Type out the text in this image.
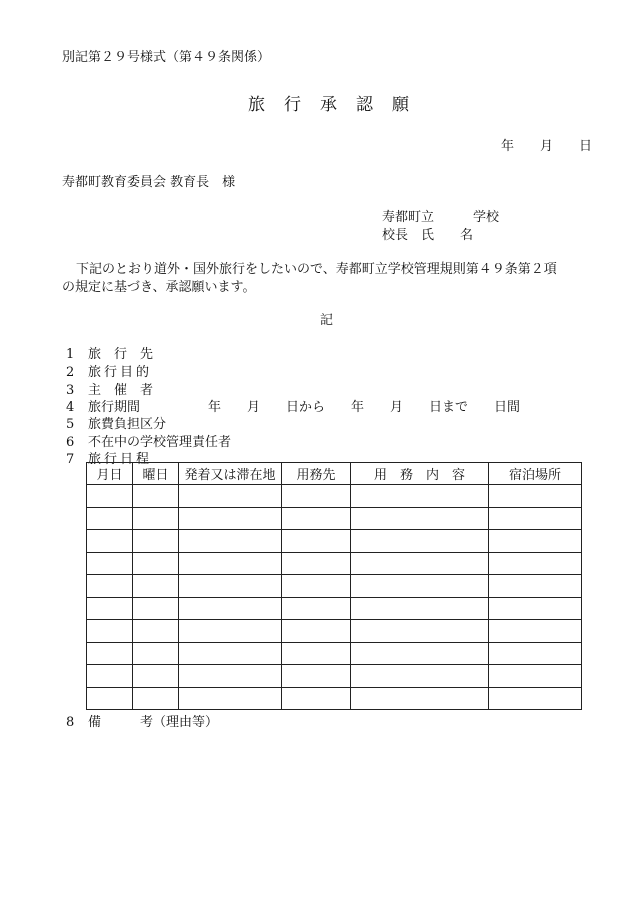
別記第２９号様式（第４９条関係）
旅　行　承　認　願
年　　月　　日
寿都町教育委員会 教育長　様
寿都町立　　　学校
校長　氏　　名
下記のとおり道外・国外旅行をしたいので、寿都町立学校管理規則第４９条第２項
の規定に基づき、承認願います。
記
1 旅　行　先
2 旅行目的
3 主　催　者
4 旅行期間	年　　月　　日から　　年　　月　　日まで　　日間
5 旅費負担区分
6 不在中の学校管理責任者
7 旅行日程
月日	曜日	発着又は滞在地	用務先	用　務　内　容	宿泊場所

8 備　　　考（理由等）
